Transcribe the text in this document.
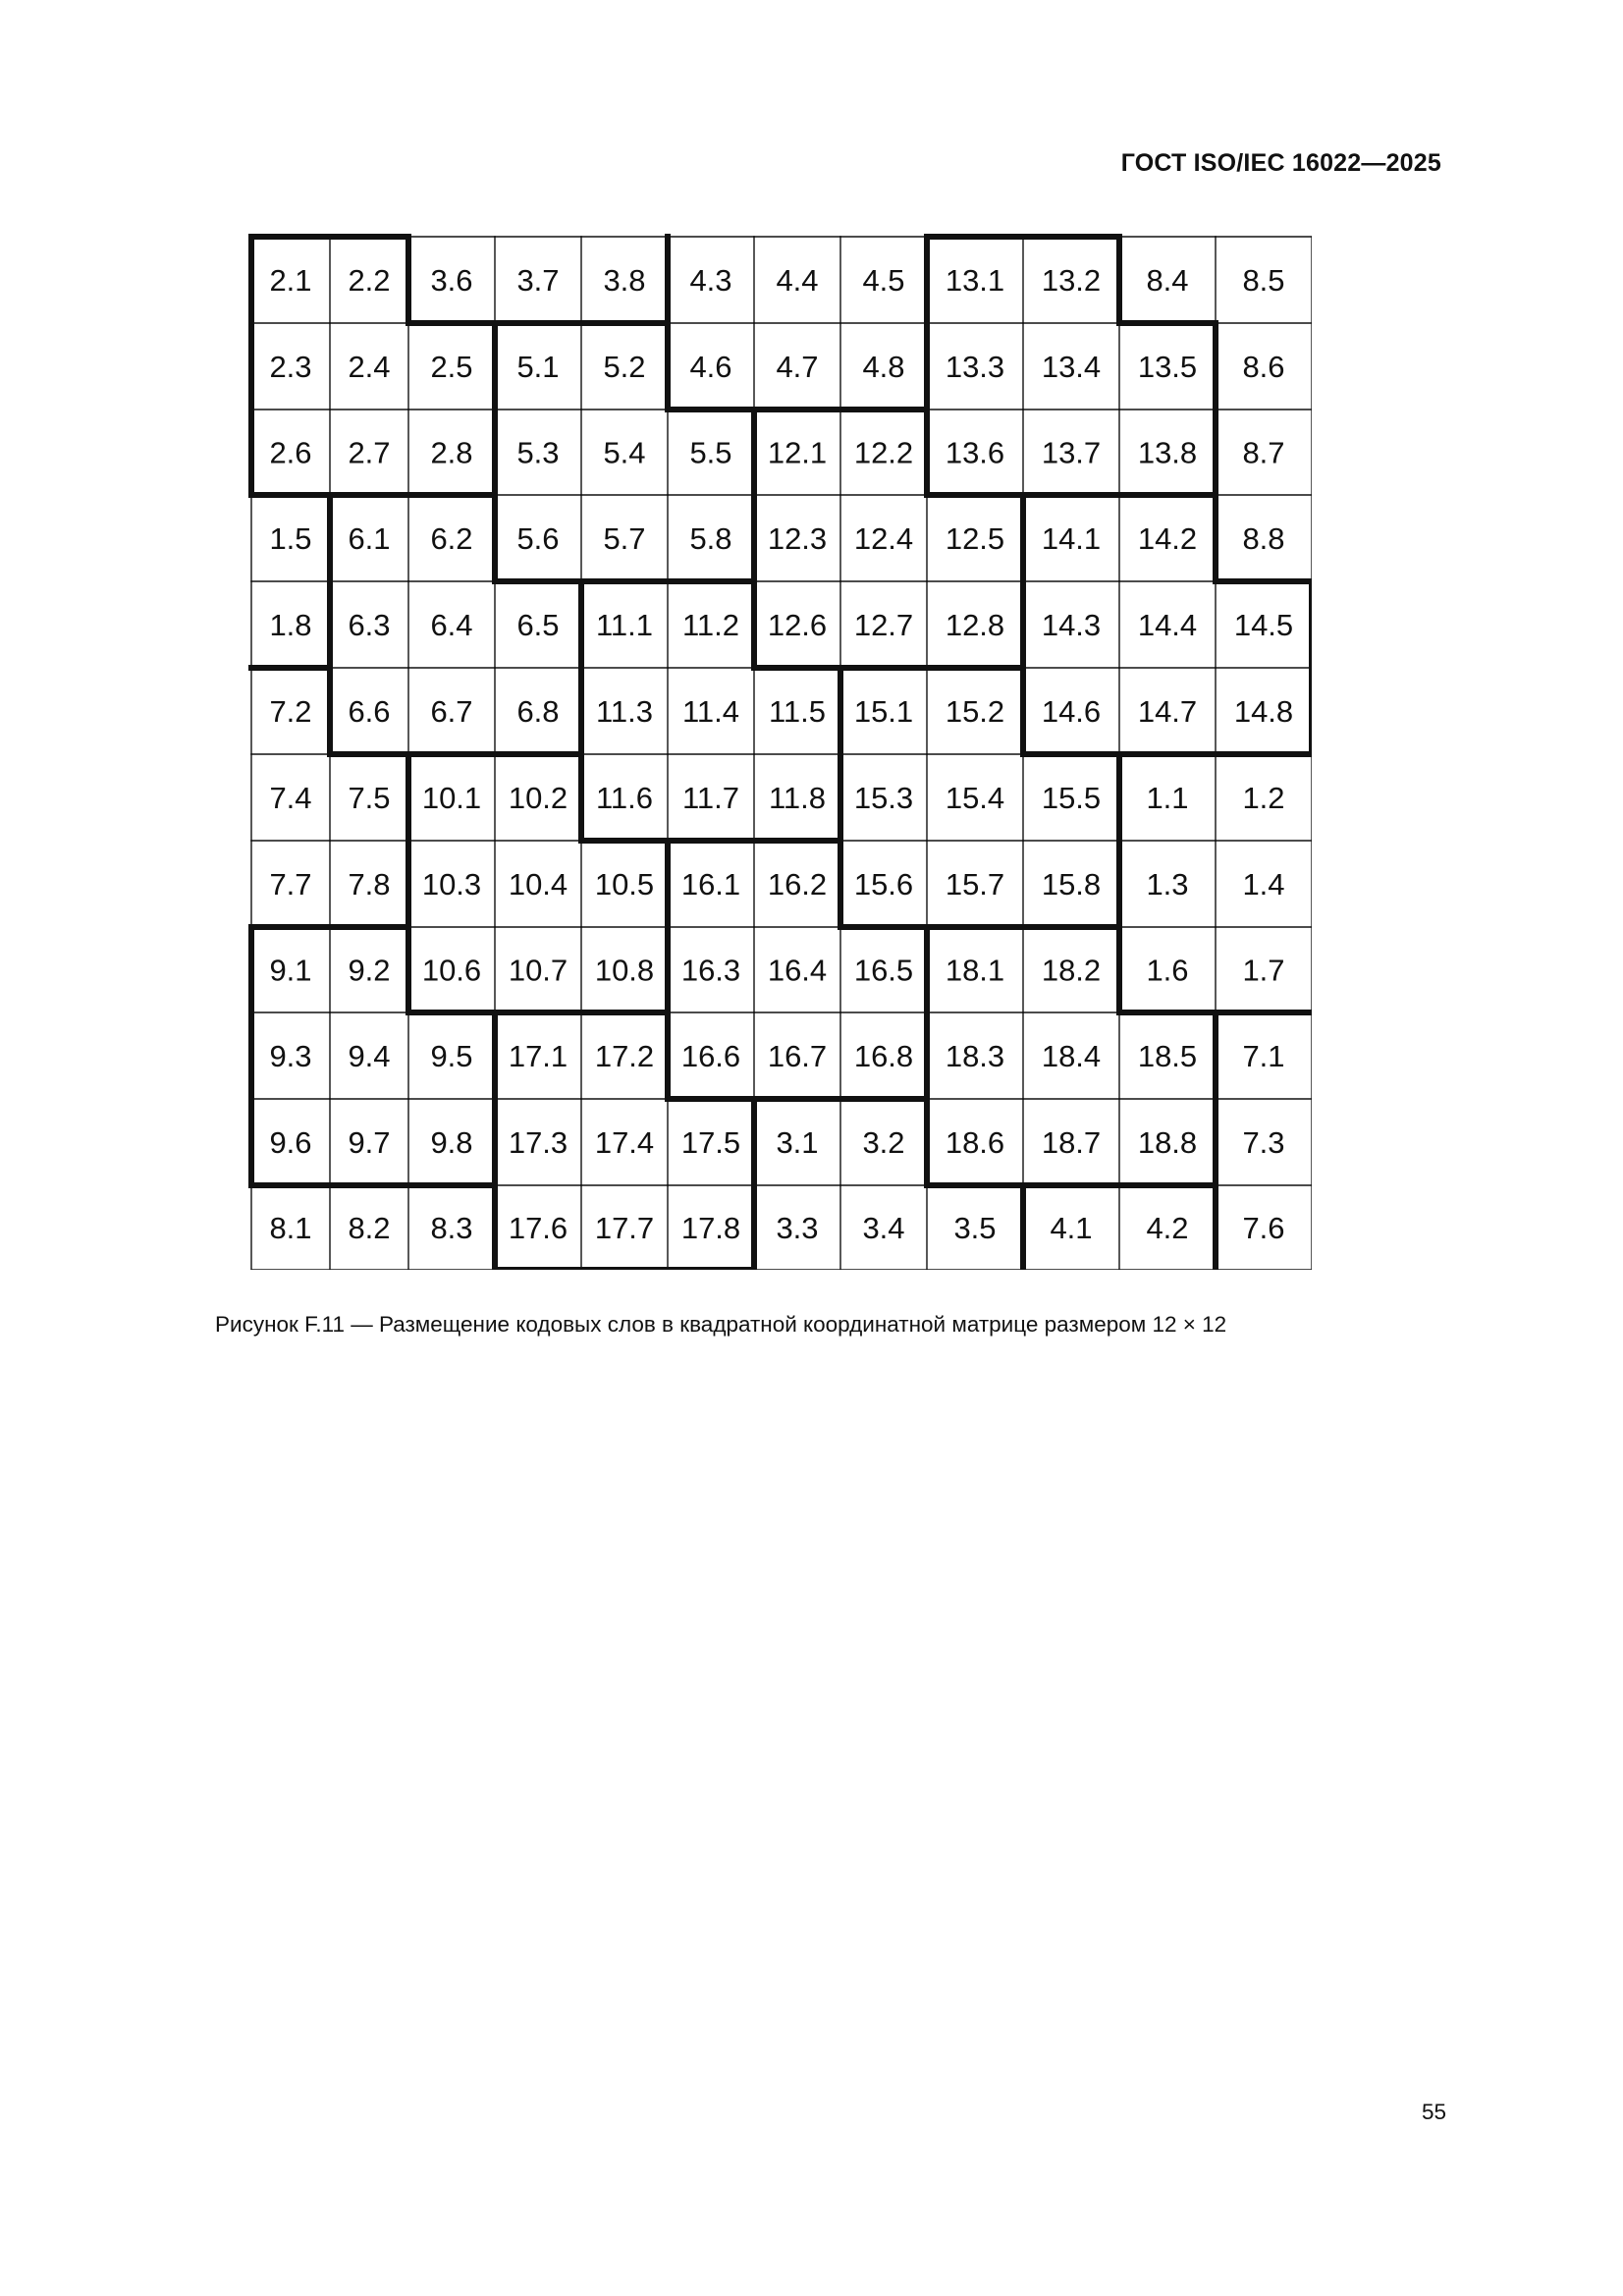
ГОСТ ISO/IEC 16022—2025
2.1 2.2 3.6 3.7 3.8 4.3 4.4 4.5 13.1 13.2 8.4 8.5
2.3 2.4 2.5 5.1 5.2 4.6 4.7 4.8 13.3 13.4 13.5 8.6
2.6 2.7 2.8 5.3 5.4 5.5 12.1 12.2 13.6 13.7 13.8 8.7
1.5 6.1 6.2 5.6 5.7 5.8 12.3 12.4 12.5 14.1 14.2 8.8
1.8 6.3 6.4 6.5 11.1 11.2 12.6 12.7 12.8 14.3 14.4 14.5
7.2 6.6 6.7 6.8 11.3 11.4 11.5 15.1 15.2 14.6 14.7 14.8
7.4 7.5 10.1 10.2 11.6 11.7 11.8 15.3 15.4 15.5 1.1 1.2
7.7 7.8 10.3 10.4 10.5 16.1 16.2 15.6 15.7 15.8 1.3 1.4
9.1 9.2 10.6 10.7 10.8 16.3 16.4 16.5 18.1 18.2 1.6 1.7
9.3 9.4 9.5 17.1 17.2 16.6 16.7 16.8 18.3 18.4 18.5 7.1
9.6 9.7 9.8 17.3 17.4 17.5 3.1 3.2 18.6 18.7 18.8 7.3
8.1 8.2 8.3 17.6 17.7 17.8 3.3 3.4 3.5 4.1 4.2 7.6
Рисунок F.11 — Размещение кодовых слов в квадратной координатной матрице размером 12 × 12
55
